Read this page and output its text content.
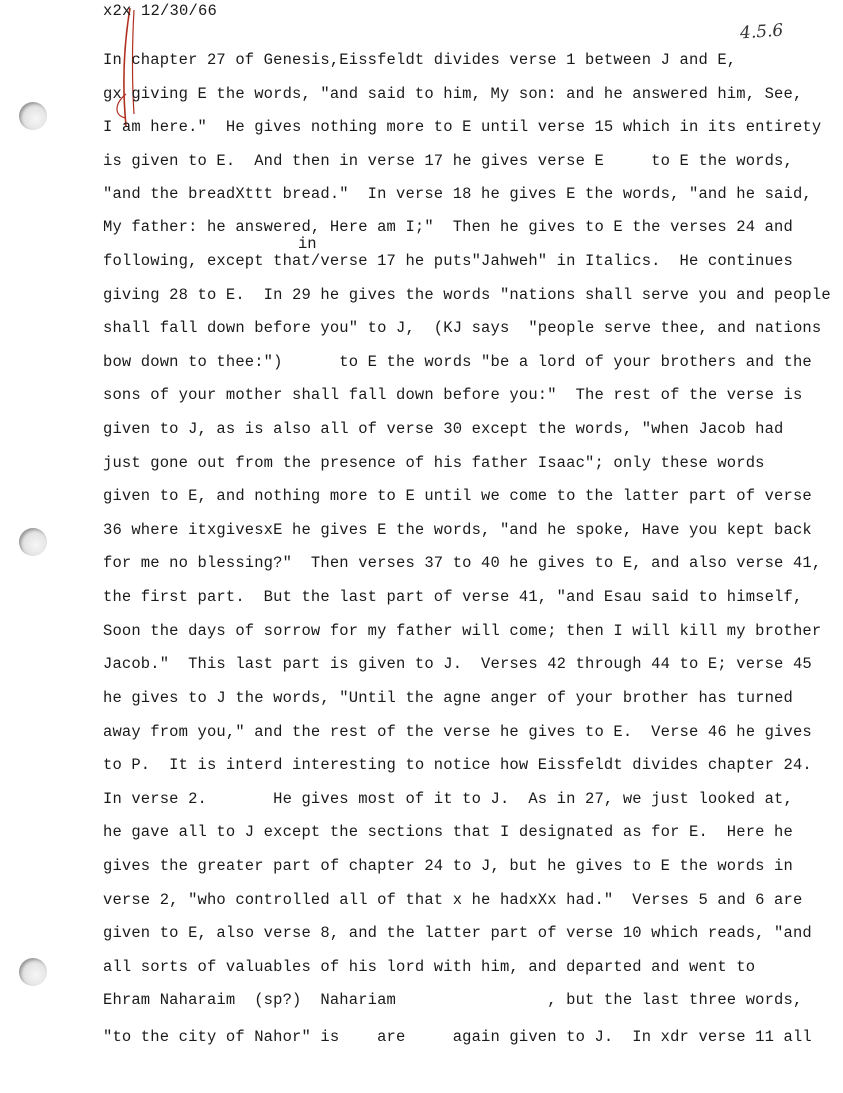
x2x 12/30/66
4.5.6
in
In chapter 27 of Genesis,Eissfeldt divides verse 1 between J and E,
gx giving E the words, "and said to him, My son: and he answered him, See,
I am here."  He gives nothing more to E until verse 15 which in its entirety
is given to E.  And then in verse 17 he gives verse E     to E the words,
"and the breadXttt bread."  In verse 18 he gives E the words, "and he said,
My father: he answered, Here am I;"  Then he gives to E the verses 24 and
following, except that/verse 17 he puts"Jahweh" in Italics.  He continues
giving 28 to E.  In 29 he gives the words "nations shall serve you and people
shall fall down before you" to J,  (KJ says  "people serve thee, and nations
bow down to thee:")      to E the words "be a lord of your brothers and the
sons of your mother shall fall down before you:"  The rest of the verse is
given to J, as is also all of verse 30 except the words, "when Jacob had
just gone out from the presence of his father Isaac"; only these words
given to E, and nothing more to E until we come to the latter part of verse
36 where itxgivesxE he gives E the words, "and he spoke, Have you kept back
for me no blessing?"  Then verses 37 to 40 he gives to E, and also verse 41,
the first part.  But the last part of verse 41, "and Esau said to himself,
Soon the days of sorrow for my father will come; then I will kill my brother
Jacob."  This last part is given to J.  Verses 42 through 44 to E; verse 45
he gives to J the words, "Until the agne anger of your brother has turned
away from you," and the rest of the verse he gives to E.  Verse 46 he gives
to P.  It is interd interesting to notice how Eissfeldt divides chapter 24.
In verse 2.       He gives most of it to J.  As in 27, we just looked at,
he gave all to J except the sections that I designated as for E.  Here he
gives the greater part of chapter 24 to J, but he gives to E the words in
verse 2, "who controlled all of that x he hadxXx had."  Verses 5 and 6 are
given to E, also verse 8, and the latter part of verse 10 which reads, "and
all sorts of valuables of his lord with him, and departed and went to
Ehram Naharaim  (sp?)  Nahariam                , but the last three words,
"to the city of Nahor" is    are     again given to J.  In xdr verse 11 all
